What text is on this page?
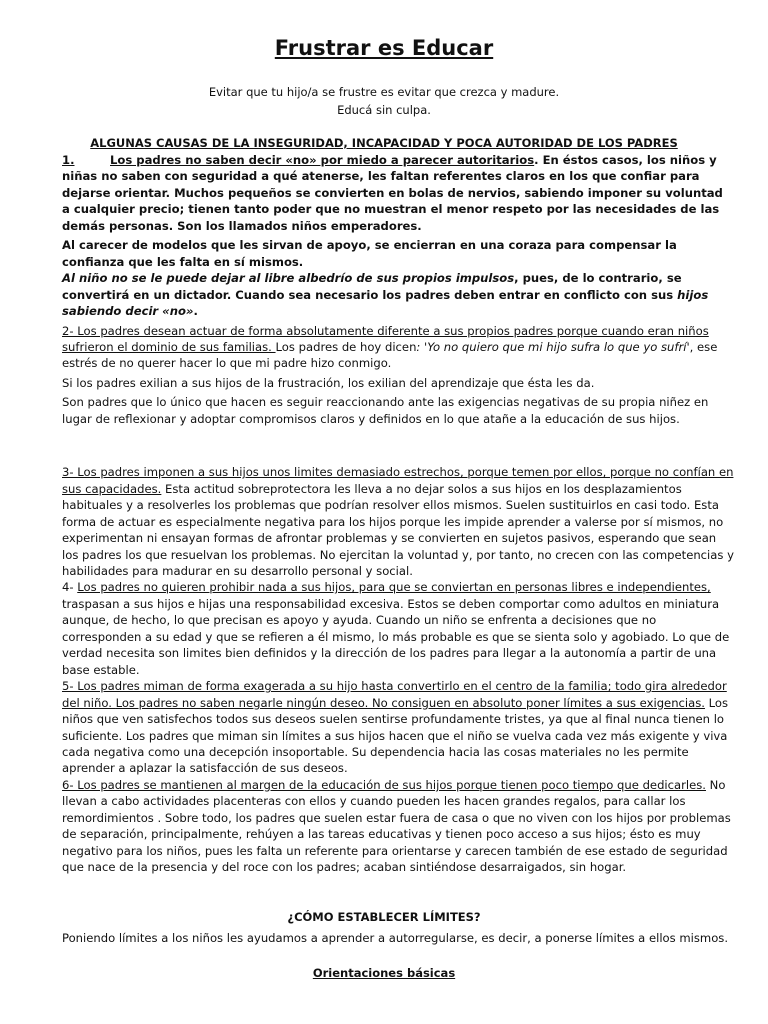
Frustrar es Educar

Evitar que tu hijo/a se frustre es evitar que crezca y madure.

Educá sin culpa.

ALGUNAS CAUSAS DE LA INSEGURIDAD, INCAPACIDAD Y POCA AUTORIDAD DE LOS PADRES

1.	Los padres no saben decir «no» por miedo a parecer autoritarios. En éstos casos, los niños y niñas no saben con seguridad a qué atenerse, les faltan referentes claros en los que confiar para dejarse orientar. Muchos pequeños se convierten en bolas de nervios, sabiendo imponer su voluntad a cualquier precio; tienen tanto poder que no muestran el menor respeto por las necesidades de las demás personas. Son los llamados niños emperadores.

Al carecer de modelos que les sirvan de apoyo, se encierran en una coraza para compensar la confianza que les falta en sí mismos.

Al niño no se le puede dejar al libre albedrío de sus propios impulsos, pues, de lo contrario, se convertirá en un dictador. Cuando sea necesario los padres deben entrar en conflicto con sus hijos sabiendo decir «no».

2- Los padres desean actuar de forma absolutamente diferente a sus propios padres porque cuando eran niños sufrieron el dominio de sus familias. Los padres de hoy dicen: 'Yo no quiero que mi hijo sufra lo que yo sufrí', ese estrés de no querer hacer lo que mi padre hizo conmigo.

Si los padres exilian a sus hijos de la frustración, los exilian del aprendizaje que ésta les da.

Son padres que lo único que hacen es seguir reaccionando ante las exigencias negativas de su propia niñez en lugar de reflexionar y adoptar compromisos claros y definidos en lo que atañe a la educación de sus hijos.

3- Los padres imponen a sus hijos unos limites demasiado estrechos, porque temen por ellos, porque no confían en sus capacidades. Esta actitud sobreprotectora les lleva a no dejar solos a sus hijos en los desplazamientos habituales y a resolverles los problemas que podrían resolver ellos mismos. Suelen sustituirlos en casi todo. Esta forma de actuar es especialmente negativa para los hijos porque les impide aprender a valerse por sí mismos, no experimentan ni ensayan formas de afrontar problemas y se convierten en sujetos pasivos, esperando que sean los padres los que resuelvan los problemas. No ejercitan la voluntad y, por tanto, no crecen con las competencias y habilidades para madurar en su desarrollo personal y social.

4- Los padres no quieren prohibir nada a sus hijos, para que se conviertan en personas libres e independientes, traspasan a sus hijos e hijas una responsabilidad excesiva. Estos se deben comportar como adultos en miniatura aunque, de hecho, lo que precisan es apoyo y ayuda. Cuando un niño se enfrenta a decisiones que no corresponden a su edad y que se refieren a él mismo, lo más probable es que se sienta solo y agobiado. Lo que de verdad necesita son limites bien definidos y la dirección de los padres para llegar a la autonomía a partir de una base estable.

5- Los padres miman de forma exagerada a su hijo hasta convertirlo en el centro de la familia; todo gira alrededor del niño. Los padres no saben negarle ningún deseo. No consiguen en absoluto poner límites a sus exigencias. Los niños que ven satisfechos todos sus deseos suelen sentirse profundamente tristes, ya que al final nunca tienen lo suficiente. Los padres que miman sin límites a sus hijos hacen que el niño se vuelva cada vez más exigente y viva cada negativa como una decepción insoportable. Su dependencia hacia las cosas materiales no les permite aprender a aplazar la satisfacción de sus deseos.

6- Los padres se mantienen al margen de la educación de sus hijos porque tienen poco tiempo que dedicarles. No llevan a cabo actividades placenteras con ellos y cuando pueden les hacen grandes regalos, para callar los remordimientos . Sobre todo, los padres que suelen estar fuera de casa o que no viven con los hijos por problemas de separación, principalmente, rehúyen a las tareas educativas y tienen poco acceso a sus hijos; ésto es muy negativo para los niños, pues les falta un referente para orientarse y carecen también de ese estado de seguridad que nace de la presencia y del roce con los padres; acaban sintiéndose desarraigados, sin hogar.

¿CÓMO ESTABLECER LÍMITES?

Poniendo límites a los niños les ayudamos a aprender a autorregularse, es decir, a ponerse límites a ellos mismos.

Orientaciones básicas
